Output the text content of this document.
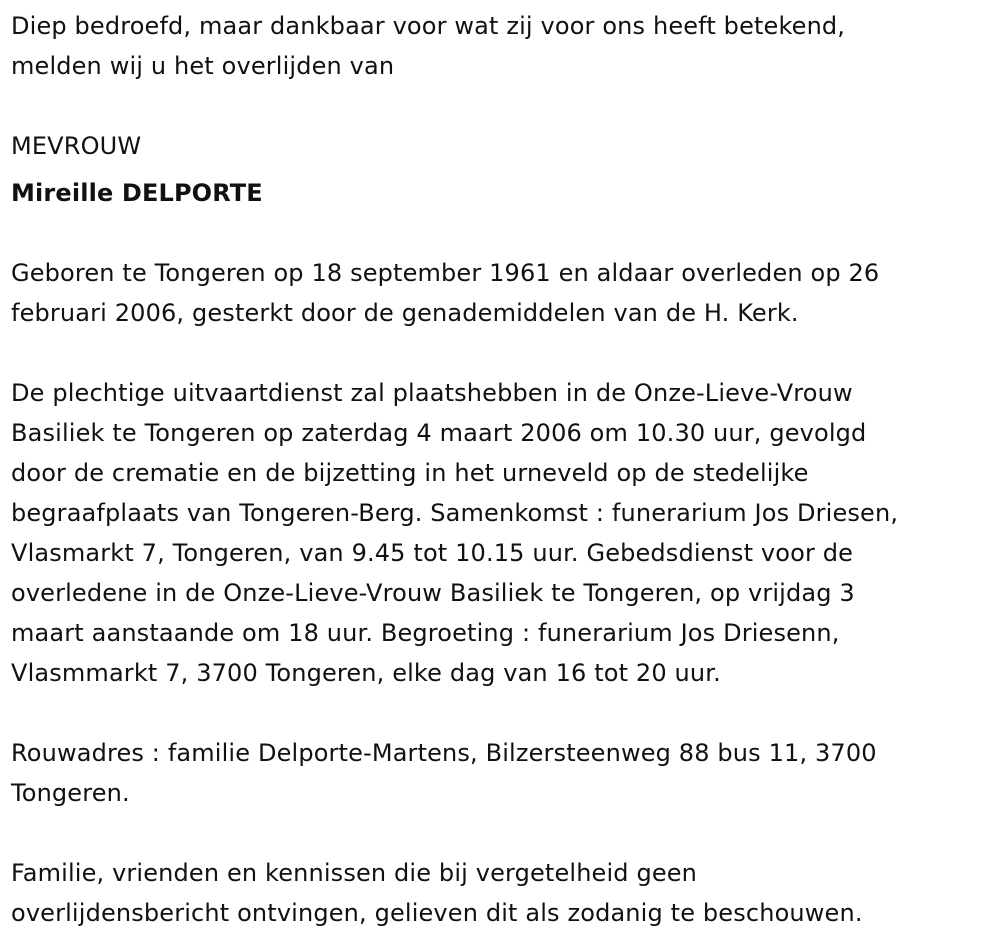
Diep bedroefd, maar dankbaar voor wat zij voor ons heeft betekend,
melden wij u het overlijden van
MEVROUW
Mireille DELPORTE
Geboren te Tongeren op 18 september 1961 en aldaar overleden op 26
februari 2006, gesterkt door de genademiddelen van de H. Kerk.
De plechtige uitvaartdienst zal plaatshebben in de Onze-Lieve-Vrouw
Basiliek te Tongeren op zaterdag 4 maart 2006 om 10.30 uur, gevolgd
door de crematie en de bijzetting in het urneveld op de stedelijke
begraafplaats van Tongeren-Berg. Samenkomst : funerarium Jos Driesen,
Vlasmarkt 7, Tongeren, van 9.45 tot 10.15 uur. Gebedsdienst voor de
overledene in de Onze-Lieve-Vrouw Basiliek te Tongeren, op vrijdag 3
maart aanstaande om 18 uur. Begroeting : funerarium Jos Driesenn,
Vlasmmarkt 7, 3700 Tongeren, elke dag van 16 tot 20 uur.
Rouwadres : familie Delporte-Martens, Bilzersteenweg 88 bus 11, 3700
Tongeren.
Familie, vrienden en kennissen die bij vergetelheid geen
overlijdensbericht ontvingen, gelieven dit als zodanig te beschouwen.
